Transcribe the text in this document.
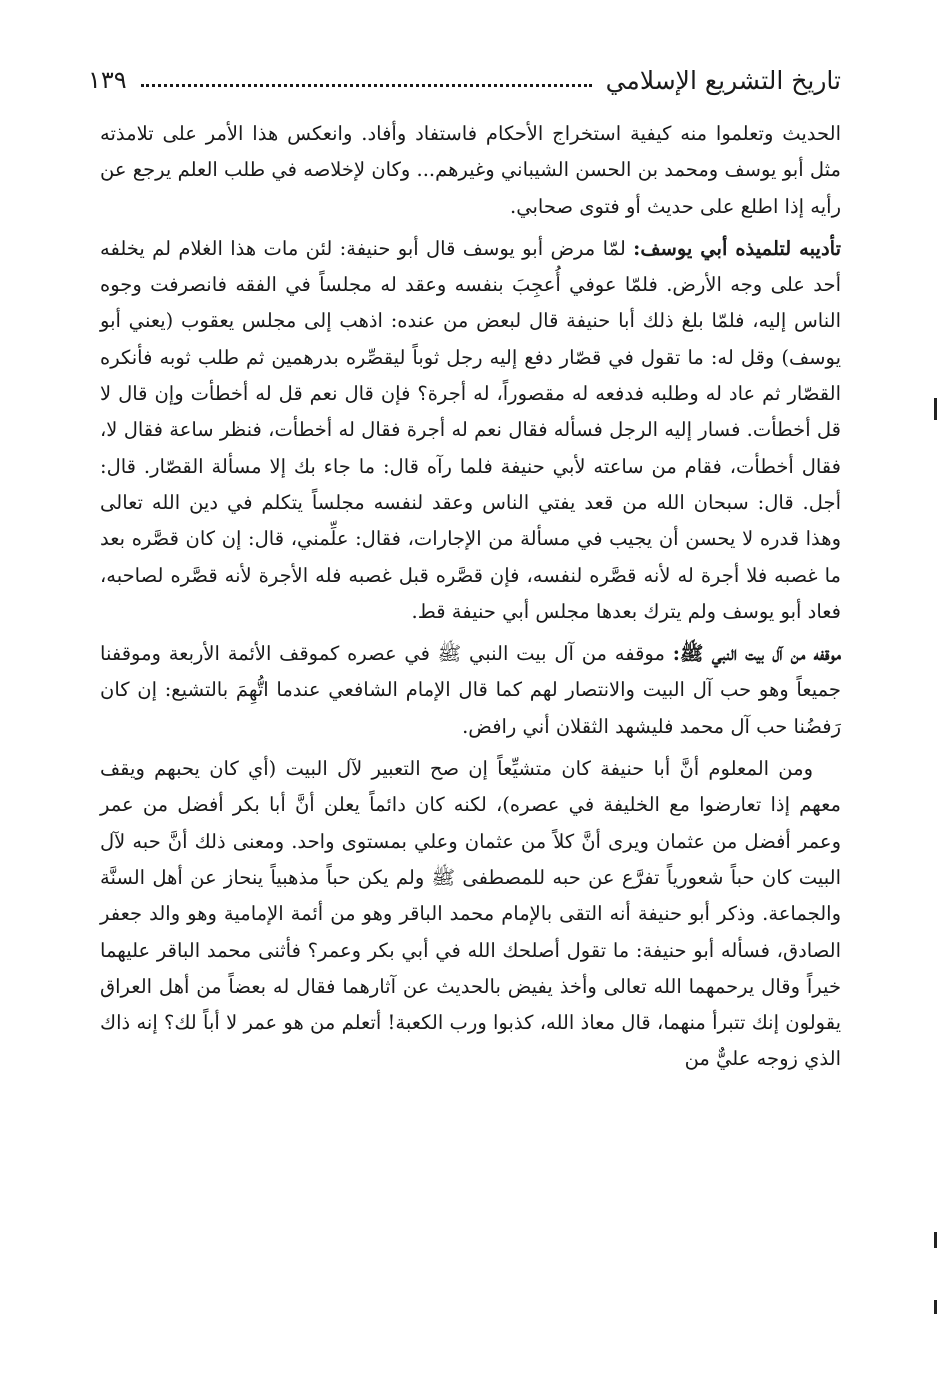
تاريخ التشريع الإسلامي
١٣٩

الحديث وتعلموا منه كيفية استخراج الأحكام فاستفاد وأفاد. وانعكس هذا الأمر على تلامذته مثل أبو يوسف ومحمد بن الحسن الشيباني وغيرهم... وكان لإخلاصه في طلب العلم يرجع عن رأيه إذا اطلع على حديث أو فتوى صحابي.

تأديبه لتلميذه أبي يوسف: لمّا مرض أبو يوسف قال أبو حنيفة: لئن مات هذا الغلام لم يخلفه أحد على وجه الأرض. فلمّا عوفي أُعجِبَ بنفسه وعقد له مجلساً في الفقه فانصرفت وجوه الناس إليه، فلمّا بلغ ذلك أبا حنيفة قال لبعض من عنده: اذهب إلى مجلس يعقوب (يعني أبو يوسف) وقل له: ما تقول في قصّار دفع إليه رجل ثوباً ليقصِّره بدرهمين ثم طلب ثوبه فأنكره القصّار ثم عاد له وطلبه فدفعه له مقصوراً، له أجرة؟ فإن قال نعم قل له أخطأت وإن قال لا قل أخطأت. فسار إليه الرجل فسأله فقال نعم له أجرة فقال له أخطأت، فنظر ساعة فقال لا، فقال أخطأت، فقام من ساعته لأبي حنيفة فلما رآه قال: ما جاء بك إلا مسألة القصّار. قال: أجل. قال: سبحان الله من قعد يفتي الناس وعقد لنفسه مجلساً يتكلم في دين الله تعالى وهذا قدره لا يحسن أن يجيب في مسألة من الإجارات، فقال: علِّمني، قال: إن كان قصَّره بعد ما غصبه فلا أجرة له لأنه قصَّره لنفسه، فإن قصَّره قبل غصبه فله الأجرة لأنه قصَّره لصاحبه، فعاد أبو يوسف ولم يترك بعدها مجلس أبي حنيفة قط.

موقفه من آل بيت النبي ﷺ: موقفه من آل بيت النبي ﷺ في عصره كموقف الأئمة الأربعة وموقفنا جميعاً وهو حب آل البيت والانتصار لهم كما قال الإمام الشافعي عندما اتُّهِمَ بالتشيع: إن كان رَفضُنا حب آل محمد فليشهد الثقلان أني رافض.

ومن المعلوم أنَّ أبا حنيفة كان متشيِّعاً إن صح التعبير لآل البيت (أي كان يحبهم ويقف معهم إذا تعارضوا مع الخليفة في عصره)، لكنه كان دائماً يعلن أنَّ أبا بكر أفضل من عمر وعمر أفضل من عثمان ويرى أنَّ كلاً من عثمان وعلي بمستوى واحد. ومعنى ذلك أنَّ حبه لآل البيت كان حباً شعورياً تفرَّع عن حبه للمصطفى ﷺ ولم يكن حباً مذهبياً ينحاز عن أهل السنَّة والجماعة. وذكر أبو حنيفة أنه التقى بالإمام محمد الباقر وهو من أئمة الإمامية وهو والد جعفر الصادق، فسأله أبو حنيفة: ما تقول أصلحك الله في أبي بكر وعمر؟ فأثنى محمد الباقر عليهما خيراً وقال يرحمهما الله تعالى وأخذ يفيض بالحديث عن آثارهما فقال له بعضاً من أهل العراق يقولون إنك تتبرأ منهما، قال معاذ الله، كذبوا ورب الكعبة! أتعلم من هو عمر لا أباً لك؟ إنه ذاك الذي زوجه عليٌّ من
